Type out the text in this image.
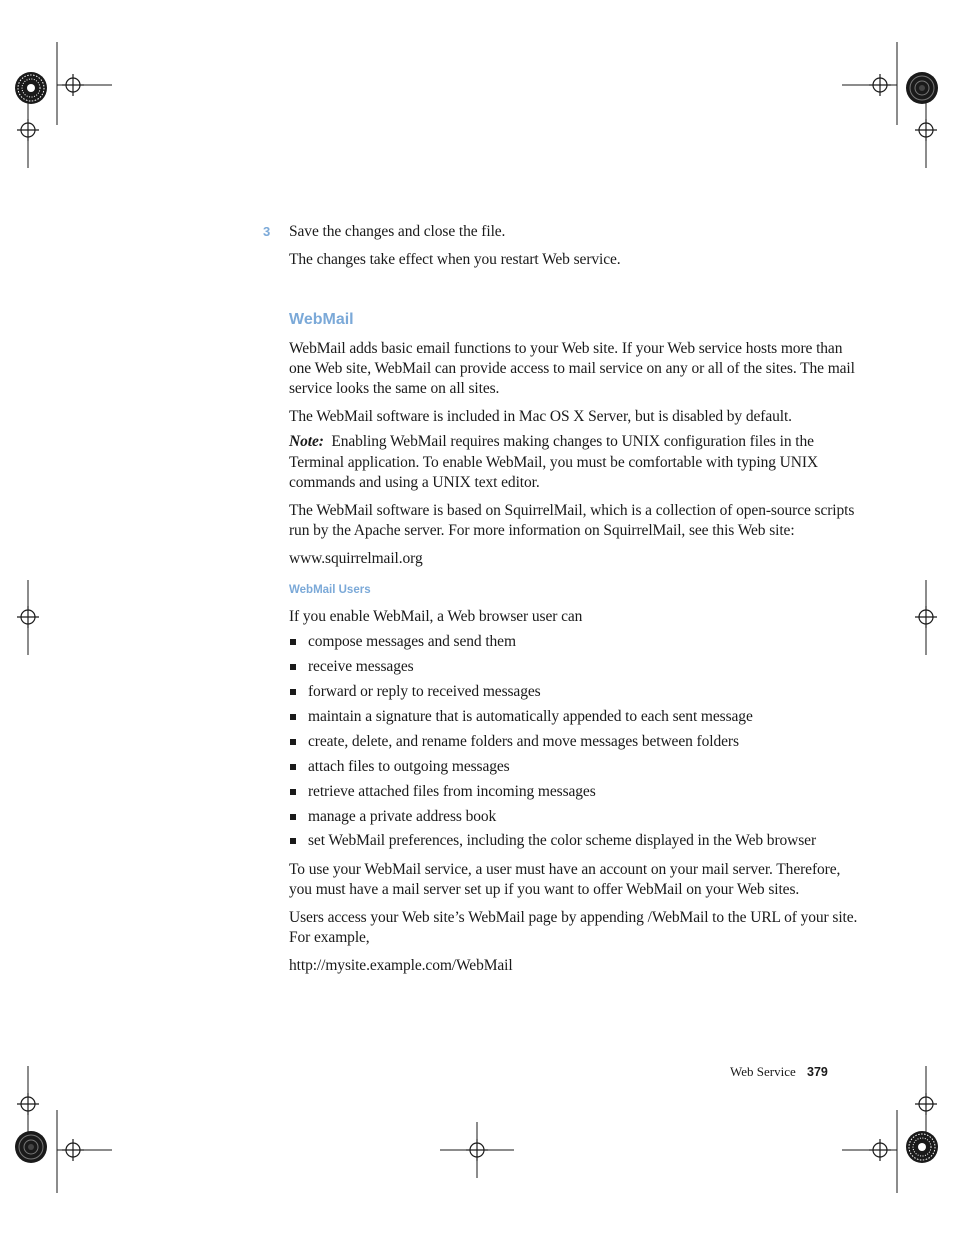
3 Save the changes and close the file.
The changes take effect when you restart Web service.
WebMail
WebMail adds basic email functions to your Web site. If your Web service hosts more than
one Web site, WebMail can provide access to mail service on any or all of the sites. The mail
service looks the same on all sites.
The WebMail software is included in Mac OS X Server, but is disabled by default.
Note: Enabling WebMail requires making changes to UNIX configuration files in the
Terminal application. To enable WebMail, you must be comfortable with typing UNIX
commands and using a UNIX text editor.
The WebMail software is based on SquirrelMail, which is a collection of open-source scripts
run by the Apache server. For more information on SquirrelMail, see this Web site:
www.squirrelmail.org
WebMail Users
If you enable WebMail, a Web browser user can
compose messages and send them
receive messages
forward or reply to received messages
maintain a signature that is automatically appended to each sent message
create, delete, and rename folders and move messages between folders
attach files to outgoing messages
retrieve attached files from incoming messages
manage a private address book
set WebMail preferences, including the color scheme displayed in the Web browser
To use your WebMail service, a user must have an account on your mail server. Therefore,
you must have a mail server set up if you want to offer WebMail on your Web sites.
Users access your Web site’s WebMail page by appending /WebMail to the URL of your site.
For example,
http://mysite.example.com/WebMail
Web Service 379
